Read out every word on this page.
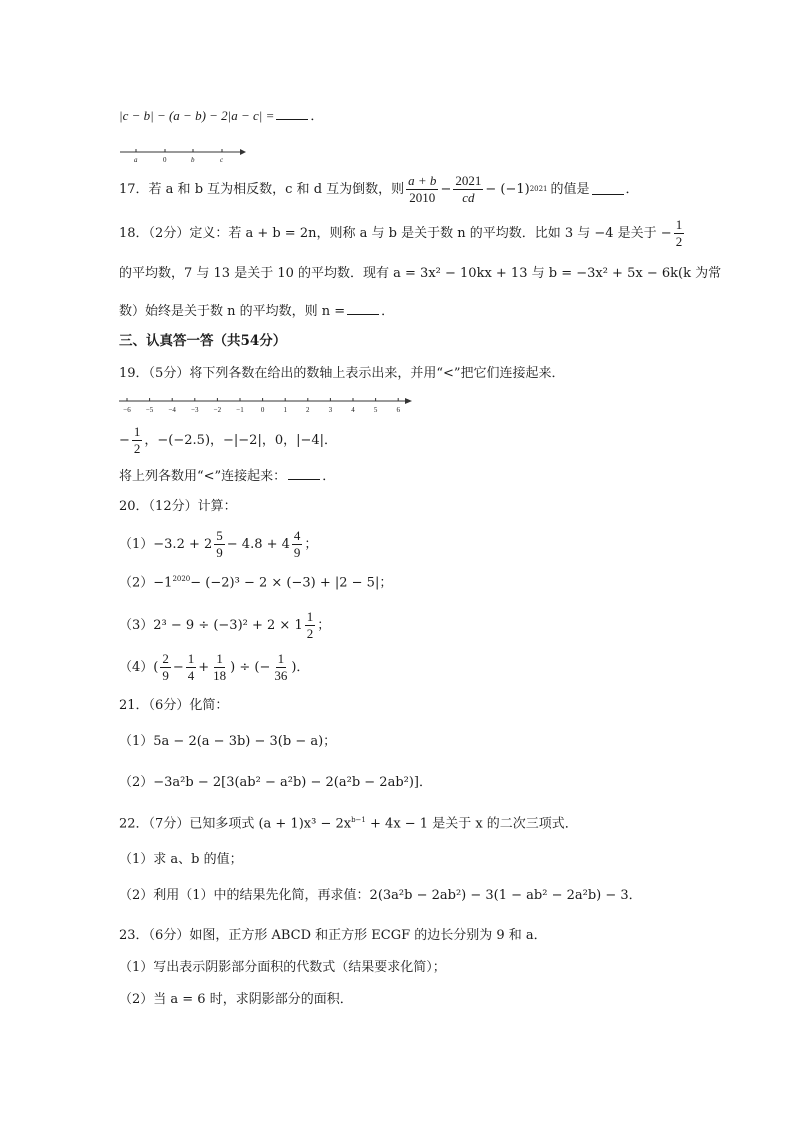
|c − b| − (a − b) − 2|a − c| =	．
a	0	b	c
17．若 a 和 b 互为相反数，c 和 d 互为倒数，则 $\frac{a + b}{2010} - \frac{2021}{cd} - (-1)$ 2021 的值是	．
18．（2分）定义：若 a + b = 2n，则称 a 与 b 是关于数 n 的平均数．比如 3 与 −4 是关于 − $\frac{1}{2}$
的平均数，7 与 13 是关于 10 的平均数．现有 a = 3x² − 10kx + 13 与 b = −3x² + 5x − 6k(k 为常
数）始终是关于数 n 的平均数，则 n =	．
三、认真答一答（共54分）
19．（5分）将下列各数在给出的数轴上表示出来，并用“<”把它们连接起来．
−6 −5 −4 −3 −2 −1 0	1	2	3	4	5	6
− $\frac{1}{2}$ ，−(−2.5)，−|−2|，0，|−4|．
将上列各数用“<”连接起来：	．
20．（12分）计算：
$(1)-3.2 + 2 \frac{5}{9} - 4.8 + 4 \frac{4}{9}$ ；
$(2)-1^{2020}- (-2)^3 - 2 \times (-3) + |2 - 5|$；
$(3)2^3 - 9 \div (-3)^2 + 2 \times 1 \frac{1}{2}$ ；
$(4)( \frac{2}{9} - \frac{1}{4} + \frac{1}{18}$ ) ÷ (− $\frac{1}{36}$ )．
21．（6分）化简：
（1）5a − 2(a − 3b) − 3(b − a)；
（2）−3a²b − 2[3(ab² − a²b) − 2(a²b − 2ab²)]．
22．（7分）已知多项式 $(a + 1)x^3 - 2x^{b-1} + 4x - 1$ 是关于 x 的二次三项式．
（1）求 a、b 的值；
（2）利用（1）中的结果先化简，再求值：2(3a²b − 2ab²) − 3(1 − ab² − 2a²b) − 3．
23．（6分）如图，正方形 ABCD 和正方形 ECGF 的边长分别为 9 和 a．
（1）写出表示阴影部分面积的代数式（结果要求化简）；
（2）当 a = 6 时，求阴影部分的面积．
